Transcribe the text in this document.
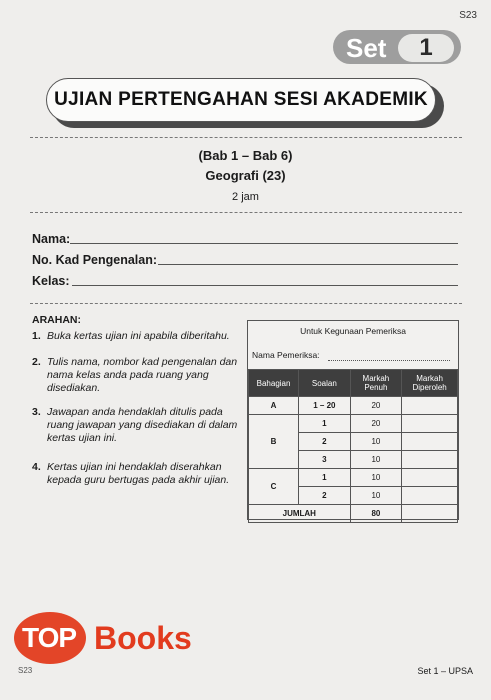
S23
Set	1
UJIAN PERTENGAHAN SESI AKADEMIK
(Bab 1 – Bab 6)
Geografi (23)
2 jam
Nama:
No. Kad Pengenalan:
Kelas:
ARAHAN:
1. Buka kertas ujian ini apabila diberitahu.
2. Tulis nama, nombor kad pengenalan dan nama kelas anda pada ruang yang disediakan.
3. Jawapan anda hendaklah ditulis pada ruang jawapan yang disediakan di dalam kertas ujian ini.
4. Kertas ujian ini hendaklah diserahkan kepada guru bertugas pada akhir ujian.
Untuk Kegunaan Pemeriksa
Nama Pemeriksa:
Bahagian	Soalan	Markah Penuh	Markah Diperoleh
A	1 – 20	20	
B	1	20	
	2	10	
	3	10	
C	1	10	
	2	10	
JUMLAH		80	
TOP Books
S23	Set 1 – UPSA
